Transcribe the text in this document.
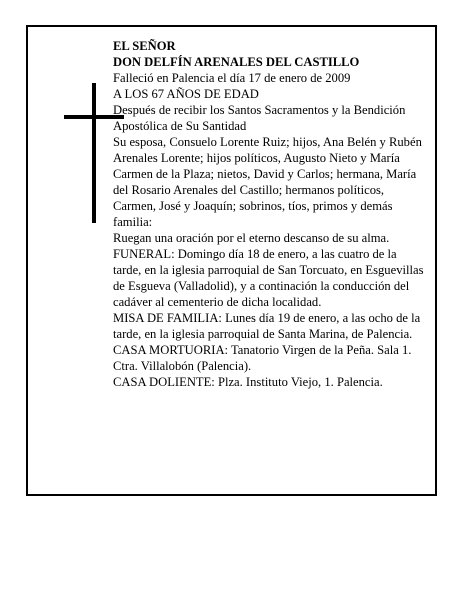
EL SEÑOR

DON DELFÍN ARENALES DEL CASTILLO

Falleció en Palencia el día 17 de enero de 2009

A LOS 67 AÑOS DE EDAD

Después de recibir los Santos Sacramentos y la Bendición Apostólica de Su Santidad

Su esposa, Consuelo Lorente Ruiz; hijos, Ana Belén y Rubén Arenales Lorente; hijos políticos, Augusto Nieto y María Carmen de la Plaza; nietos, David y Carlos; hermana, María del Rosario Arenales del Castillo; hermanos políticos, Carmen, José y Joaquín; sobrinos, tíos, primos y demás familia:

Ruegan una oración por el eterno descanso de su alma.

FUNERAL: Domingo día 18 de enero, a las cuatro de la tarde, en la iglesia parroquial de San Torcuato, en Esguevillas de Esgueva (Valladolid), y a continación la conducción del cadáver al cementerio de dicha localidad.

MISA DE FAMILIA: Lunes día 19 de enero, a las ocho de la tarde, en la iglesia parroquial de Santa Marina, de Palencia.

CASA MORTUORIA: Tanatorio Virgen de la Peña. Sala 1. Ctra. Villalobón (Palencia).

CASA DOLIENTE: Plza. Instituto Viejo, 1. Palencia.
